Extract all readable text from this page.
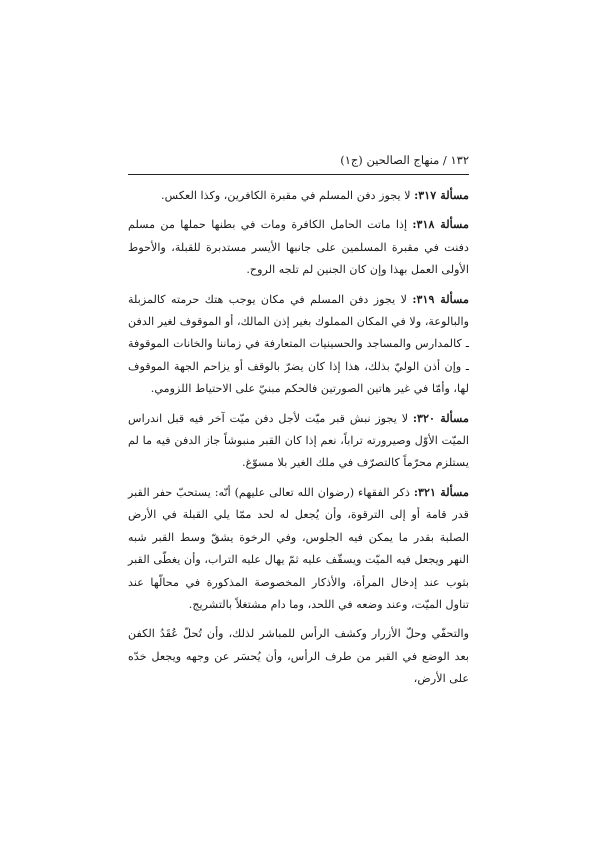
١٣٢ / منهاج الصالحين (ج١)

مسألة ٣١٧: لا يجوز دفن المسلم في مقبرة الكافرين، وكذا العكس.

مسألة ٣١٨: إذا ماتت الحامل الكافرة ومات في بطنها حملها من مسلم دفنت في مقبرة المسلمين على جانبها الأيسر مستدبرة للقبلة، والأحوط الأولى العمل بهذا وإن كان الجنين لم تلجه الروح.

مسألة ٣١٩: لا يجوز دفن المسلم في مكان يوجب هتك حرمته كالمزبلة والبالوعة، ولا في المكان المملوك بغير إذن المالك، أو الموقوف لغير الدفن ـ كالمدارس والمساجد والحسينيات المتعارفة في زماننا والخانات الموقوفة ـ وإن أذن الوليّ بذلك، هذا إذا كان يضرّ بالوقف أو يزاحم الجهة الموقوف لها، وأمّا في غير هاتين الصورتين فالحكم مبنيّ على الاحتياط اللزومي.

مسألة ٣٢٠: لا يجوز نبش قبر ميّت لأجل دفن ميّت آخر فيه قبل اندراس الميّت الأوّل وصيرورته تراباً، نعم إذا كان القبر منبوشاً جاز الدفن فيه ما لم يستلزم محرّماً كالتصرّف في ملك الغير بلا مسوّغ.

مسألة ٣٢١: ذكر الفقهاء (رضوان الله تعالى عليهم) أنّه: يستحبّ حفر القبر قدر قامة أو إلى الترقوة، وأن يُجعل له لحد ممّا يلي القبلة في الأرض الصلبة بقدر ما يمكن فيه الجلوس، وفي الرخوة يشقّ وسط القبر شبه النهر ويجعل فيه الميّت ويسقّف عليه ثمّ يهال عليه التراب، وأن يغطّى القبر بثوب عند إدخال المرأة، والأذكار المخصوصة المذكورة في محالّها عند تناول الميّت، وعند وضعه في اللحد، وما دام مشتغلاً بالتشريج.

والتحفّي وحلّ الأزرار وكشف الرأس للمباشر لذلك، وأن تُحلّ عُقَدُ الكفن بعد الوضع في القبر من طرف الرأس، وأن يُحسَر عن وجهه ويجعل خدّه على الأرض،
